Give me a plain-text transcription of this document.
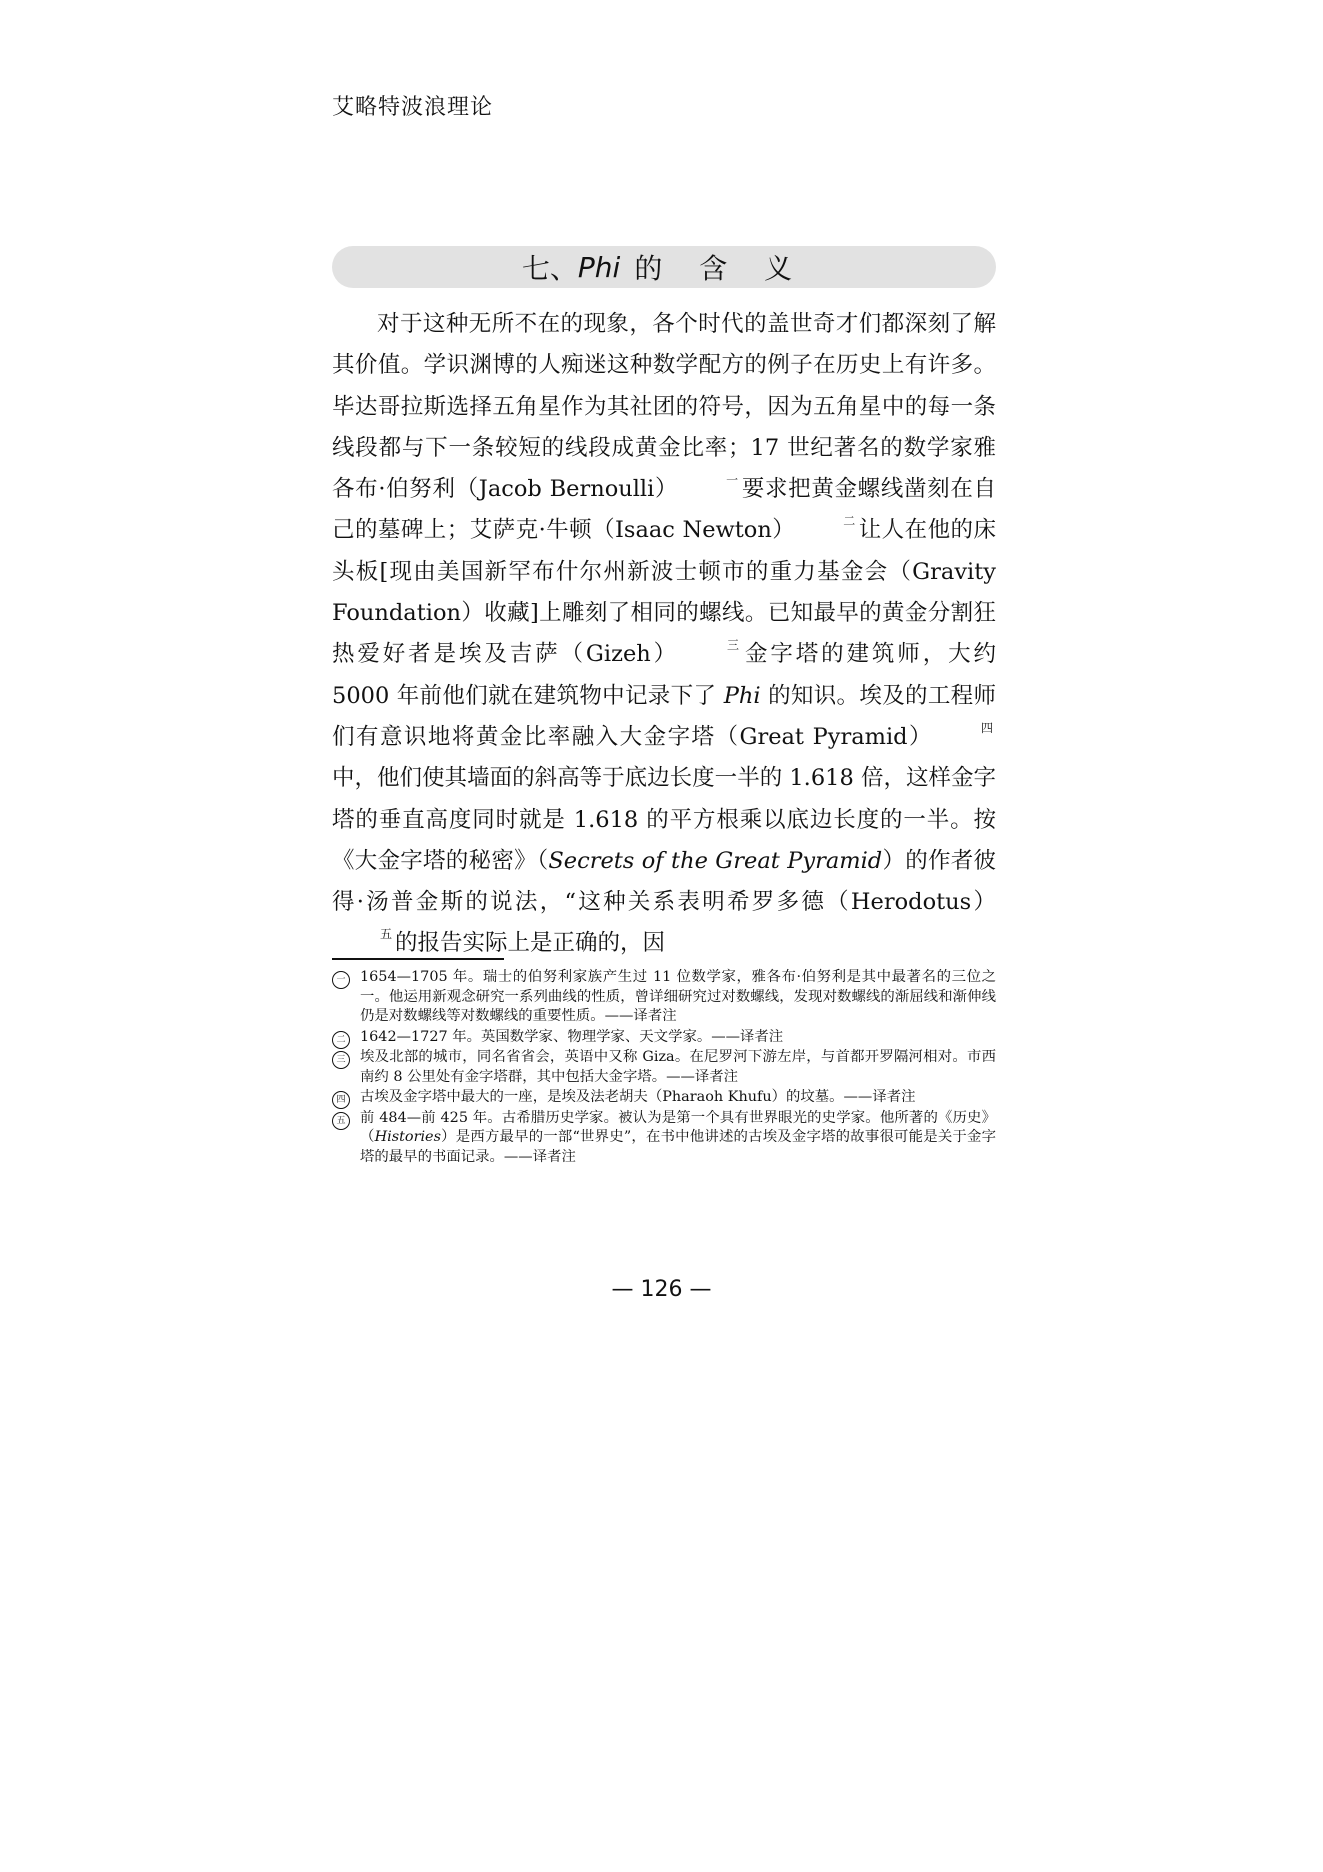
艾略特波浪理论
七、 Phi 的 含 义

对于这种无所不在的现象，各个时代的盖世奇才们都深刻了解其价值。学识渊博的人痴迷这种数学配方的例子在历史上有许多。毕达哥拉斯选择五角星作为其社团的符号，因为五角星中的每一条线段都与下一条较短的线段成黄金比率；17 世纪著名的数学家雅各布·伯努利（Jacob Bernoulli）	一 要求把黄金螺线凿刻在自己的墓碑上；艾萨克·牛顿（Isaac Newton）	二 让人在他的床头板[现由美国新罕布什尔州新波士顿市的重力基金会（Gravity Foundation）收藏]上雕刻了相同的螺线。已知最早的黄金分割狂热爱好者是埃及吉萨（Gizeh）	三 金字塔的建筑师，大约 5000 年前他们就在建筑物中记录下了 Phi 的知识。埃及的工程师们有意识地将黄金比率融入大金字塔（Great Pyramid）	四中，他们使其墙面的斜高等于底边长度一半的 1.618 倍，这样金字塔的垂直高度同时就是 1.618 的平方根乘以底边长度的一半。按《大金字塔的秘密》（Secrets of the Great Pyramid）的作者彼得·汤普金斯的说法，“这种关系表明希罗多德（Herodotus）五 的报告实际上是正确的，因

一	1654—1705 年。瑞士的伯努利家族产生过 11 位数学家，雅各布·伯努利是其中最著名的三位之一。他运用新观念研究一系列曲线的性质，曾详细研究过对数螺线，发现对数螺线的渐屈线和渐伸线仍是对数螺线等对数螺线的重要性质。——译者注
二	1642—1727 年。英国数学家、物理学家、天文学家。——译者注
三	埃及北部的城市，同名省省会，英语中又称 Giza。在尼罗河下游左岸，与首都开罗隔河相对。市西南约 8 公里处有金字塔群，其中包括大金字塔。——译者注
四	古埃及金字塔中最大的一座，是埃及法老胡夫（Pharaoh Khufu）的坟墓。——译者注
五	前 484—前 425 年。古希腊历史学家。被认为是第一个具有世界眼光的史学家。他所著的《历史》（Histories）是西方最早的一部“世界史”，在书中他讲述的古埃及金字塔的故事很可能是关于金字塔的最早的书面记录。——译者注
— 126 —
